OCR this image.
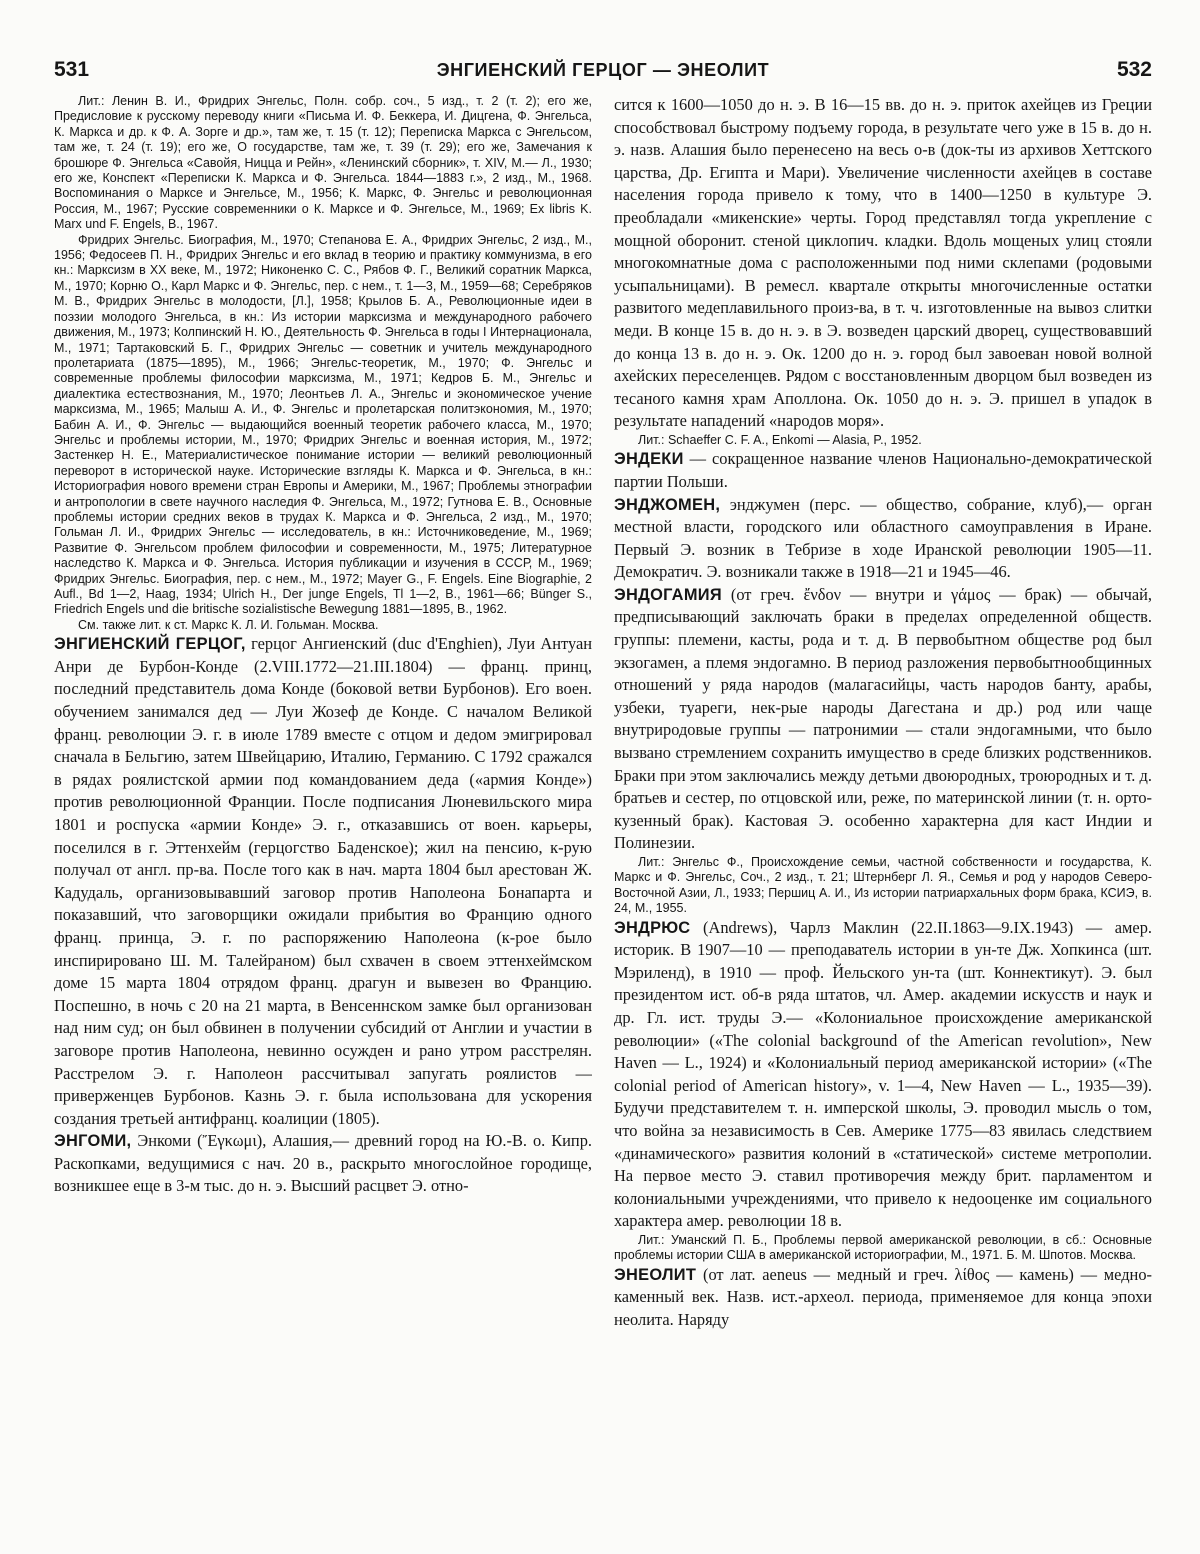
531	ЭНГИЕНСКИЙ ГЕРЦОГ — ЭНЕОЛИТ	532

Лит.: Ленин В. И., Фридрих Энгельс, Полн. собр. соч., 5 изд., т. 2 (т. 2); его же, Предисловие к русскому переводу книги «Письма И. Ф. Беккера, И. Дицгена, Ф. Энгельса, К. Маркса и др. к Ф. А. Зорге и др.», там же, т. 15 (т. 12); Переписка Маркса с Энгельсом, там же, т. 24 (т. 19); его же, О государстве, там же, т. 39 (т. 29); его же, Замечания к брошюре Ф. Энгельса «Савойя, Ницца и Рейн», «Ленинский сборник», т. XIV, М.— Л., 1930; его же, Конспект «Переписки К. Маркса и Ф. Энгельса. 1844—1883 г.», 2 изд., М., 1968. Воспоминания о Марксе и Энгельсе, М., 1956; К. Маркс, Ф. Энгельс и революционная Россия, М., 1967; Русские современники о К. Марксе и Ф. Энгельсе, М., 1969; Ex libris K. Marx und F. Engels, B., 1967.

Фридрих Энгельс. Биография, М., 1970; Степанова Е. А., Фридрих Энгельс, 2 изд., М., 1956; Федосеев П. Н., Фридрих Энгельс и его вклад в теорию и практику коммунизма, в его кн.: Марксизм в XX веке, М., 1972; Никоненко С. С., Рябов Ф. Г., Великий соратник Маркса, М., 1970; Корню О., Карл Маркс и Ф. Энгельс, пер. с нем., т. 1—3, М., 1959—68; Серебряков М. В., Фридрих Энгельс в молодости, [Л.], 1958; Крылов Б. А., Революционные идеи в поэзии молодого Энгельса, в кн.: Из истории марксизма и международного рабочего движения, М., 1973; Колпинский Н. Ю., Деятельность Ф. Энгельса в годы I Интернационала, М., 1971; Тартаковский Б. Г., Фридрих Энгельс — советник и учитель международного пролетариата (1875—1895), М., 1966; Энгельс-теоретик, М., 1970; Ф. Энгельс и современные проблемы философии марксизма, М., 1971; Кедров Б. М., Энгельс и диалектика естествознания, М., 1970; Леонтьев Л. А., Энгельс и экономическое учение марксизма, М., 1965; Малыш А. И., Ф. Энгельс и пролетарская политэкономия, М., 1970; Бабин А. И., Ф. Энгельс — выдающийся военный теоретик рабочего класса, М., 1970; Энгельс и проблемы истории, М., 1970; Фридрих Энгельс и военная история, М., 1972; Застенкер Н. Е., Материалистическое понимание истории — великий революционный переворот в исторической науке. Исторические взгляды К. Маркса и Ф. Энгельса, в кн.: Историография нового времени стран Европы и Америки, М., 1967; Проблемы этнографии и антропологии в свете научного наследия Ф. Энгельса, М., 1972; Гутнова Е. В., Основные проблемы истории средних веков в трудах К. Маркса и Ф. Энгельса, 2 изд., М., 1970; Гольман Л. И., Фридрих Энгельс — исследователь, в кн.: Источниковедение, М., 1969; Развитие Ф. Энгельсом проблем философии и современности, М., 1975; Литературное наследство К. Маркса и Ф. Энгельса. История публикации и изучения в СССР, М., 1969; Фридрих Энгельс. Биография, пер. с нем., М., 1972; Mayer G., F. Engels. Eine Biographie, 2 Aufl., Bd 1—2, Haag, 1934; Ulrich H., Der junge Engels, Tl 1—2, B., 1961—66; Bünger S., Friedrich Engels und die britische sozialistische Bewegung 1881—1895, B., 1962.

См. также лит. к ст. Маркс К. Л. И. Гольман. Москва.

ЭНГИЕНСКИЙ ГЕРЦОГ, герцог Ангиенский (duc d'Enghien), Луи Антуан Анри де Бурбон-Конде (2.VIII.1772—21.III.1804) — франц. принц, последний представитель дома Конде (боковой ветви Бурбонов). Его воен. обучением занимался дед — Луи Жозеф де Конде. С началом Великой франц. революции Э. г. в июле 1789 вместе с отцом и дедом эмигрировал сначала в Бельгию, затем Швейцарию, Италию, Германию. С 1792 сражался в рядах роялистской армии под командованием деда («армия Конде») против революционной Франции. После подписания Люневильского мира 1801 и роспуска «армии Конде» Э. г., отказавшись от воен. карьеры, поселился в г. Эттенхейм (герцогство Баденское); жил на пенсию, к-рую получал от англ. пр-ва. После того как в нач. марта 1804 был арестован Ж. Кадудаль, организовывавший заговор против Наполеона Бонапарта и показавший, что заговорщики ожидали прибытия во Францию одного франц. принца, Э. г. по распоряжению Наполеона (к-рое было инспирировано Ш. М. Талейраном) был схвачен в своем эттенхеймском доме 15 марта 1804 отрядом франц. драгун и вывезен во Францию. Поспешно, в ночь с 20 на 21 марта, в Венсеннском замке был организован над ним суд; он был обвинен в получении субсидий от Англии и участии в заговоре против Наполеона, невинно осужден и рано утром расстрелян. Расстрелом Э. г. Наполеон рассчитывал запугать роялистов — приверженцев Бурбонов. Казнь Э. г. была использована для ускорения создания третьей антифранц. коалиции (1805).

ЭНГОМИ, Энкоми (Ἔγκωμι), Алашия,— древний город на Ю.-В. о. Кипр. Раскопками, ведущимися с нач. 20 в., раскрыто многослойное городище, возникшее еще в 3-м тыс. до н. э. Высший расцвет Э. отно-

сится к 1600—1050 до н. э. В 16—15 вв. до н. э. приток ахейцев из Греции способствовал быстрому подъему города, в результате чего уже в 15 в. до н. э. назв. Алашия было перенесено на весь о-в (док-ты из архивов Хеттского царства, Др. Египта и Мари). Увеличение численности ахейцев в составе населения города привело к тому, что в 1400—1250 в культуре Э. преобладали «микенские» черты. Город представлял тогда укрепление с мощной оборонит. стеной циклопич. кладки. Вдоль мощеных улиц стояли многокомнатные дома с расположенными под ними склепами (родовыми усыпальницами). В ремесл. квартале открыты многочисленные остатки развитого медеплавильного произ-ва, в т. ч. изготовленные на вывоз слитки меди. В конце 15 в. до н. э. в Э. возведен царский дворец, существовавший до конца 13 в. до н. э. Ок. 1200 до н. э. город был завоеван новой волной ахейских переселенцев. Рядом с восстановленным дворцом был возведен из тесаного камня храм Аполлона. Ок. 1050 до н. э. Э. пришел в упадок в результате нападений «народов моря».

Лит.: Schaeffer C. F. A., Enkomi — Alasia, P., 1952.

ЭНДЕКИ — сокращенное название членов Национально-демократической партии Польши.

ЭНДЖОМЕН, энджумен (перс. — общество, собрание, клуб),— орган местной власти, городского или областного самоуправления в Иране. Первый Э. возник в Тебризе в ходе Иранской революции 1905—11. Демократич. Э. возникали также в 1918—21 и 1945—46.

ЭНДОГАМИЯ (от греч. ἔνδον — внутри и γάμος — брак) — обычай, предписывающий заключать браки в пределах определенной обществ. группы: племени, касты, рода и т. д. В первобытном обществе род был экзогамен, а племя эндогамно. В период разложения первобытнообщинных отношений у ряда народов (малагасийцы, часть народов банту, арабы, узбеки, туареги, нек-рые народы Дагестана и др.) род или чаще внутриродовые группы — патронимии — стали эндогамными, что было вызвано стремлением сохранить имущество в среде близких родственников. Браки при этом заключались между детьми двоюродных, троюродных и т. д. братьев и сестер, по отцовской или, реже, по материнской линии (т. н. орто-кузенный брак). Кастовая Э. особенно характерна для каст Индии и Полинезии.

Лит.: Энгельс Ф., Происхождение семьи, частной собственности и государства, К. Маркс и Ф. Энгельс, Соч., 2 изд., т. 21; Штернберг Л. Я., Семья и род у народов Северо-Восточной Азии, Л., 1933; Першиц А. И., Из истории патриархальных форм брака, КСИЭ, в. 24, М., 1955.

ЭНДРЮС (Andrews), Чарлз Маклин (22.II.1863—9.IX.1943) — амер. историк. В 1907—10 — преподаватель истории в ун-те Дж. Хопкинса (шт. Мэриленд), в 1910 — проф. Йельского ун-та (шт. Коннектикут). Э. был президентом ист. об-в ряда штатов, чл. Амер. академии искусств и наук и др. Гл. ист. труды Э.— «Колониальное происхождение американской революции» («The colonial background of the American revolution», New Haven — L., 1924) и «Колониальный период американской истории» («The colonial period of American history», v. 1—4, New Haven — L., 1935—39). Будучи представителем т. н. имперской школы, Э. проводил мысль о том, что война за независимость в Сев. Америке 1775—83 явилась следствием «динамического» развития колоний в «статической» системе метрополии. На первое место Э. ставил противоречия между брит. парламентом и колониальными учреждениями, что привело к недооценке им социального характера амер. революции 18 в.

Лит.: Уманский П. Б., Проблемы первой американской революции, в сб.: Основные проблемы истории США в американской историографии, М., 1971. Б. М. Шпотов. Москва.

ЭНЕОЛИТ (от лат. aeneus — медный и греч. λίθος — камень) — медно-каменный век. Назв. ист.-археол. периода, применяемое для конца эпохи неолита. Наряду
